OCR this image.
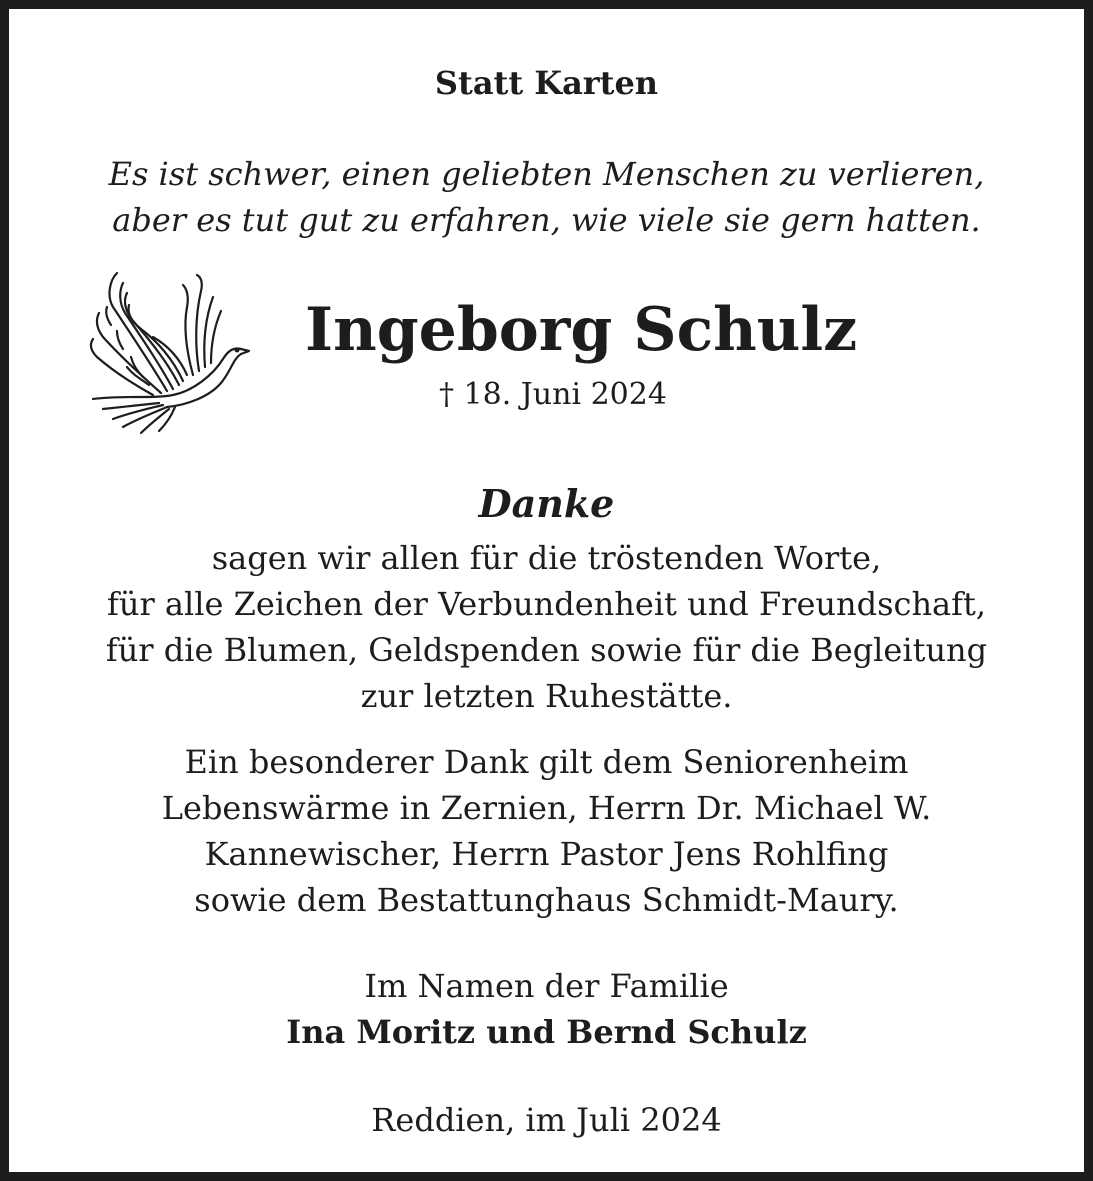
Statt Karten
Es ist schwer, einen geliebten Menschen zu verlieren,
aber es tut gut zu erfahren, wie viele sie gern hatten.
Ingeborg Schulz
† 18. Juni 2024
Danke
sagen wir allen für die tröstenden Worte,
für alle Zeichen der Verbundenheit und Freundschaft,
für die Blumen, Geldspenden sowie für die Begleitung
zur letzten Ruhestätte.
Ein besonderer Dank gilt dem Seniorenheim
Lebenswärme in Zernien, Herrn Dr. Michael W.
Kannewischer, Herrn Pastor Jens Rohlfing
sowie dem Bestattunghaus Schmidt-Maury.
Im Namen der Familie
Ina Moritz und Bernd Schulz
Reddien, im Juli 2024
